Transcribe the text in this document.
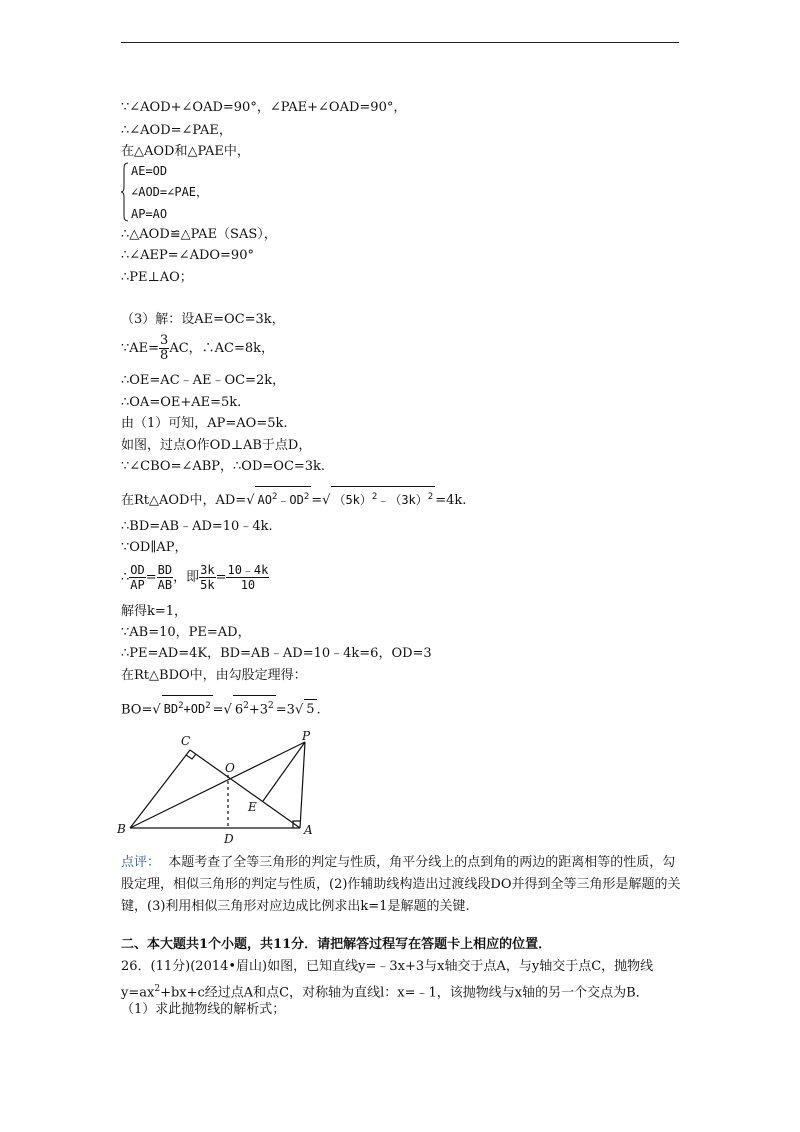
∵∠AOD+∠OAD=90°，∠PAE+∠OAD=90°，
∴∠AOD=∠PAE，
在△AOD和△PAE中，
AE=OD
∠AOD=∠PAE，
AP=AO
∴△AOD≌△PAE（SAS），
∴∠AEP=∠ADO=90°
∴PE⊥AO；
（3）解：设AE=OC=3k，
∵AE= $\frac{3}{8}$ AC，∴AC=8k，
∴OE=AC﹣AE﹣OC=2k，
∴OA=OE+AE=5k.
由（1）可知，AP=AO=5k.
如图，过点O作OD⊥AB于点D，
∵∠CBO=∠ABP，∴OD=OC=3k.
在Rt△AOD中，AD=√ $AO^2﹣OD^2$ =√ $(5k)^2﹣(3k)^2 =4k$.
∴BD=AB﹣AD=10﹣4k.
∵OD∥AP，
∴ $\frac{OD}{AP} = \frac{BD}{AB}$ ，即 $\frac{3k}{5k} = \frac{10﹣4k}{10}$
解得k=1，
∵AB=10，PE=AD，
∴PE=AD=4K，BD=AB﹣AD=10﹣4k=6，OD=3
在Rt△BDO中，由勾股定理得：
BO=√ $BD^2+OD^2$ =√ $6^2+3^2 =3√$ 5 .
C	P
O
E
B
D
A
点评： 本题考查了全等三角形的判定与性质，角平分线上的点到角的两边的距离相等的性质，勾股定理，相似三角形的判定与性质，(2)作辅助线构造出过渡线段DO并得到全等三角形是解题的关键，(3)利用相似三角形对应边成比例求出k=1是解题的关键.
二、本大题共1个小题，共11分．请把解答过程写在答题卡上相应的位置．
26．(11分)(2014•眉山)如图，已知直线y=﹣3x+3与x轴交于点A，与y轴交于点C，抛物线
$y=ax^2+bx+c$经过点A和点C，对称轴为直线l：x=﹣1，该抛物线与x轴的另一个交点为B．
（1）求此抛物线的解析式；
